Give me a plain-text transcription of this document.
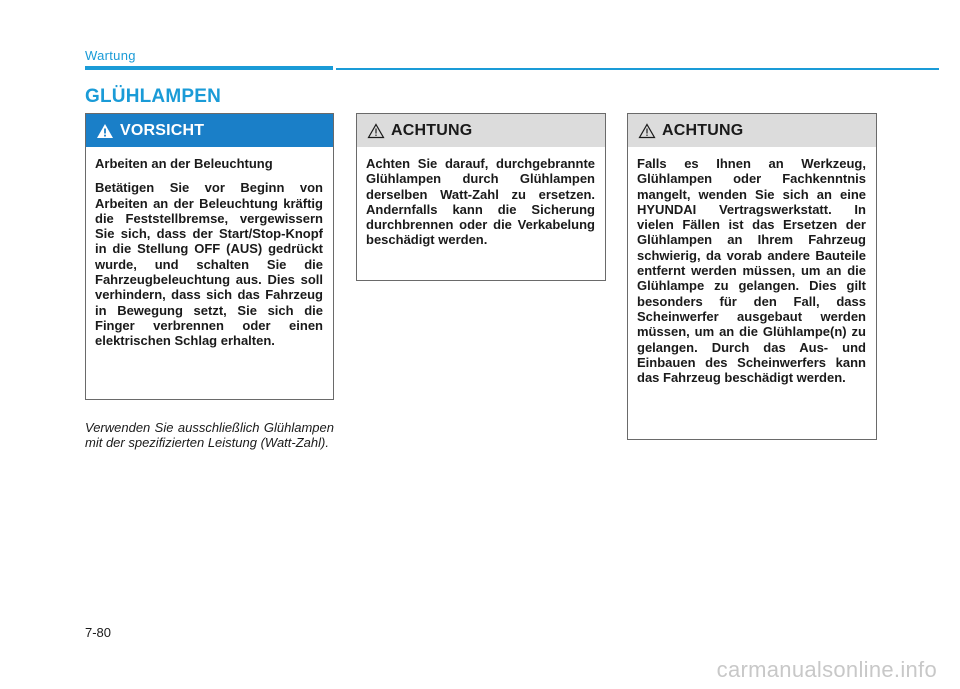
Wartung
GLÜHLAMPEN
VORSICHT

Arbeiten an der Beleuchtung

Betätigen Sie vor Beginn von Arbeiten an der Beleuchtung kräftig die Feststellbremse, vergewissern Sie sich, dass der Start/Stop-Knopf in die Stellung OFF (AUS) gedrückt wurde, und schalten Sie die Fahrzeugbeleuchtung aus. Dies soll verhindern, dass sich das Fahrzeug in Bewegung setzt, Sie sich die Finger verbrennen oder einen elektrischen Schlag erhalten.

Verwenden Sie ausschließlich Glühlampen mit der spezifizierten Leistung (Watt-Zahl).
ACHTUNG

Achten Sie darauf, durchgebrannte Glühlampen durch Glühlampen derselben Watt-Zahl zu ersetzen. Andernfalls kann die Sicherung durchbrennen oder die Verkabelung beschädigt werden.

ACHTUNG

Falls es Ihnen an Werkzeug, Glühlampen oder Fachkenntnis mangelt, wenden Sie sich an eine HYUNDAI Vertragswerkstatt. In vielen Fällen ist das Ersetzen der Glühlampen an Ihrem Fahrzeug schwierig, da vorab andere Bauteile entfernt werden müssen, um an die Glühlampe zu gelangen. Dies gilt besonders für den Fall, dass Scheinwerfer ausgebaut werden müssen, um an die Glühlampe(n) zu gelangen. Durch das Aus- und Einbauen des Scheinwerfers kann das Fahrzeug beschädigt werden.

7-80
carmanualsonline.info
